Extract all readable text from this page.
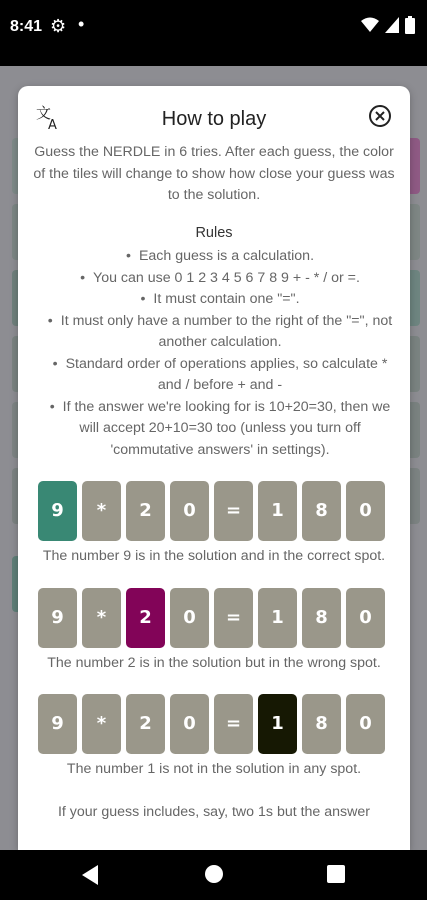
8:41 ⚙ •
文
A	How to play
Guess the NERDLE in 6 tries. After each guess, the color of the tiles will change to show how close your guess was to the solution.
Rules
• Each guess is a calculation.
• You can use 0 1 2 3 4 5 6 7 8 9 + - * / or =.
• It must contain one "=".
• It must only have a number to the right of the "=", not another calculation.
• Standard order of operations applies, so calculate * and / before + and -
• If the answer we're looking for is 10+20=30, then we will accept 20+10=30 too (unless you turn off 'commutative answers' in settings).
9	*	2	0	=	1	8	0
The number 9 is in the solution and in the correct spot.
9	*	2	0	=	1	8	0
The number 2 is in the solution but in the wrong spot.
9	*	2	0	=	1	8	0
The number 1 is not in the solution in any spot.
If your guess includes, say, two 1s but the answer
